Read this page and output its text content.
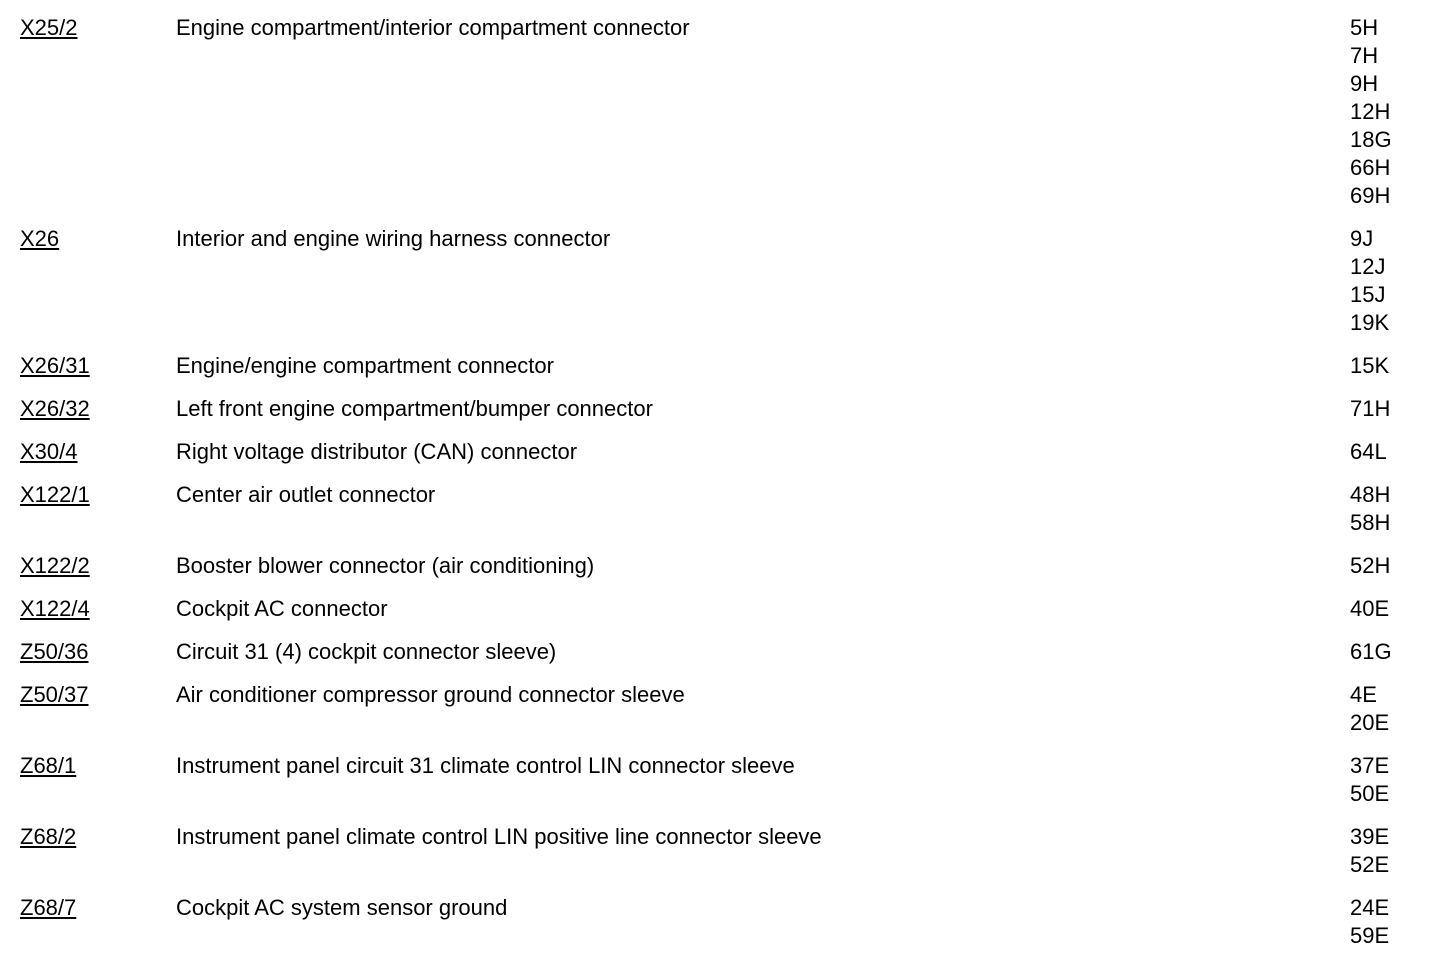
X25/2	Engine compartment/interior compartment connector	5H
7H
9H
12H
18G
66H
69H
X26	Interior and engine wiring harness connector	9J
12J
15J
19K
X26/31	Engine/engine compartment connector	15K
X26/32	Left front engine compartment/bumper connector	71H
X30/4	Right voltage distributor (CAN) connector	64L
X122/1	Center air outlet connector	48H
58H
X122/2	Booster blower connector (air conditioning)	52H
X122/4	Cockpit AC connector	40E
Z50/36	Circuit 31 (4) cockpit connector sleeve)	61G
Z50/37	Air conditioner compressor ground connector sleeve	4E
20E
Z68/1	Instrument panel circuit 31 climate control LIN connector sleeve	37E
50E
Z68/2	Instrument panel climate control LIN positive line connector sleeve	39E
52E
Z68/7	Cockpit AC system sensor ground	24E
59E
